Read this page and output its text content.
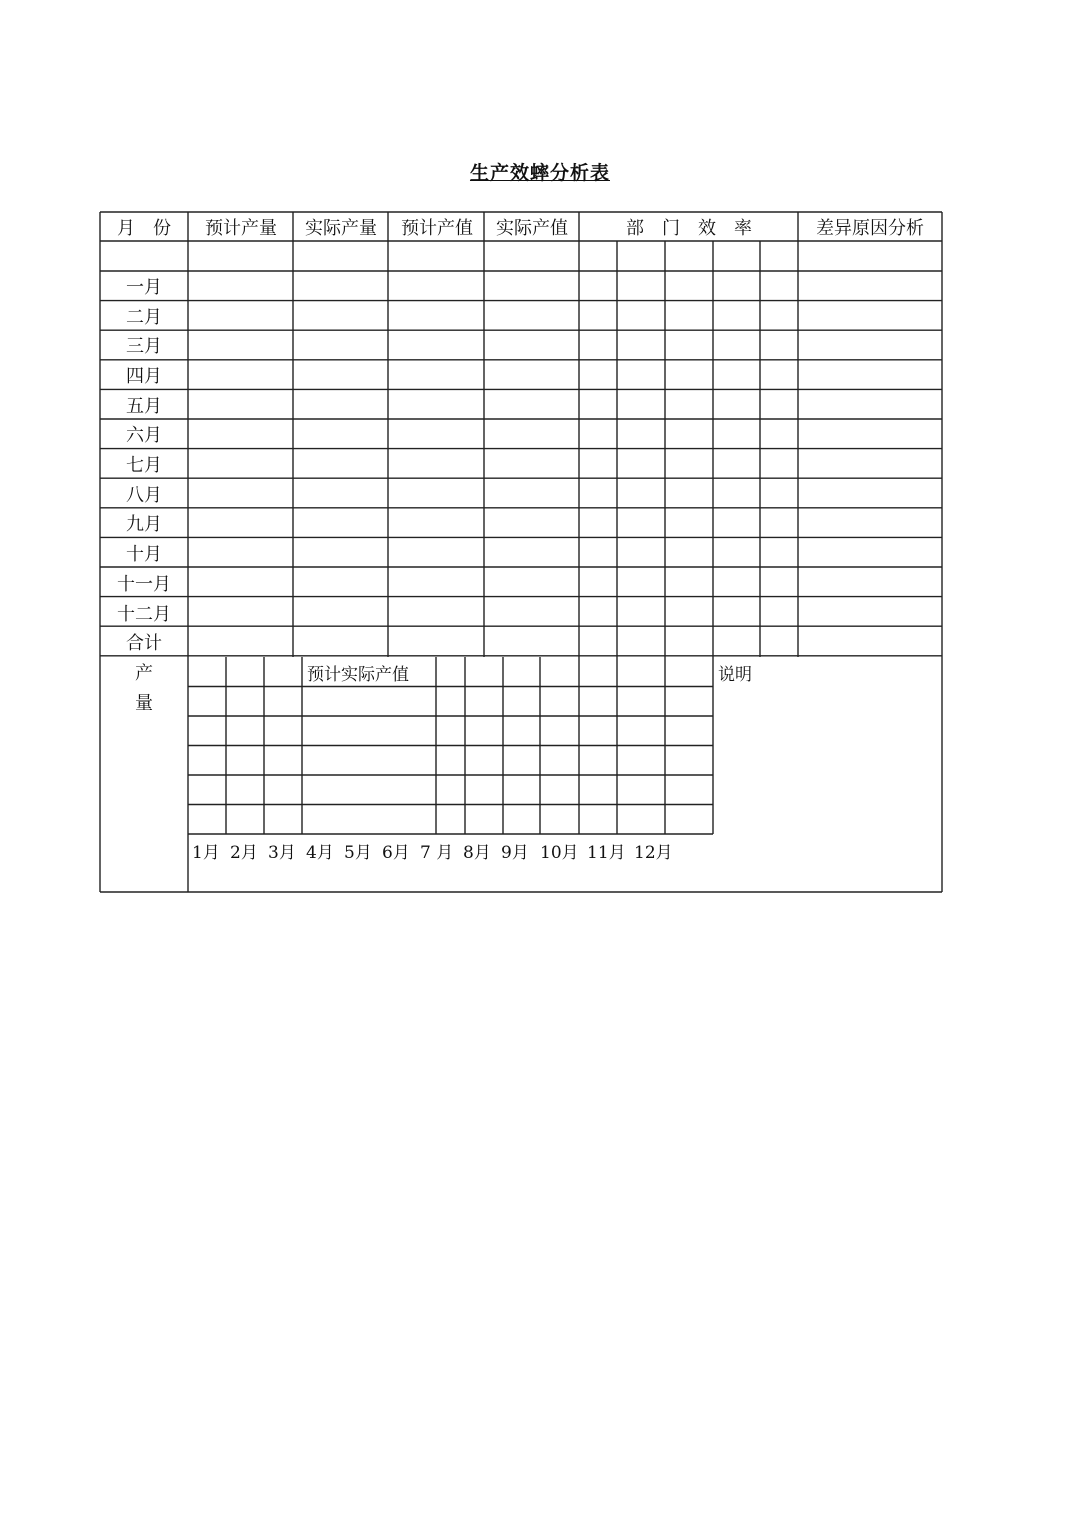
生产效蟀分析表
月　份 预计产量 实际产量 预计产值 实际产值	部　门　效　率	差异原因分析
一月
二月
三月
四月
五月
六月
七月
八月
九月
十月
十一月
十二月
合计
产
量
预计实际产值	说明
1月 2月 3月 4月 5月 6月 7 月 8月 9月 10月 11月 12月
